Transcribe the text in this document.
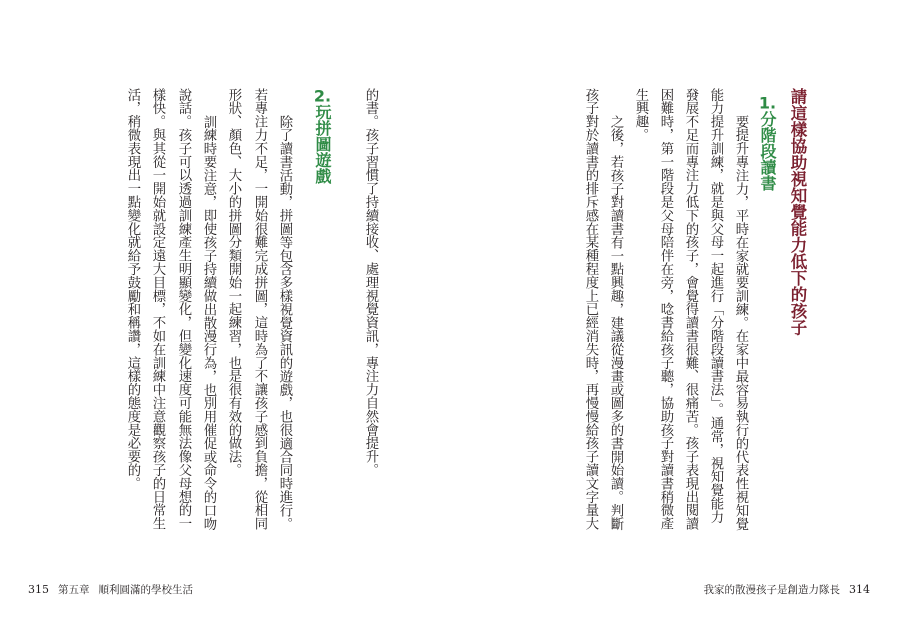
請這樣協助視知覺能力低下的孩子
1.分階段讀書
要提升專注力，平時在家就要訓練。在家中最容易執行的代表性視知覺
能力提升訓練，就是與父母一起進行「分階段讀書法」。通常，視知覺能力
發展不足而專注力低下的孩子，會覺得讀書很難、很痛苦。孩子表現出閱讀
困難時，第一階段是父母陪伴在旁，唸書給孩子聽，協助孩子對讀書稍微產
生興趣。
之後，若孩子對讀書有一點興趣，建議從漫畫或圖多的書開始讀。判斷
孩子對於讀書的排斥感在某種程度上已經消失時，再慢慢給孩子讀文字量大
我家的散漫孩子是創造力隊長 314
的書。孩子習慣了持續接收、處理視覺資訊，專注力自然會提升。
2.玩拼圖遊戲
除了讀書活動，拼圖等包含多樣視覺資訊的遊戲，也很適合同時進行。
若專注力不足，一開始很難完成拼圖，這時為了不讓孩子感到負擔，從相同
形狀、顏色、大小的拼圖分類開始一起練習，也是很有效的做法。
訓練時要注意，即使孩子持續做出散漫行為，也別用催促或命令的口吻
說話。孩子可以透過訓練產生明顯變化，但變化速度可能無法像父母想的一
樣快。與其從一開始就設定遠大目標，不如在訓練中注意觀察孩子的日常生
活，稍微表現出一點變化就給予鼓勵和稱讚，這樣的態度是必要的。
315 第五章 順利圓滿的學校生活
